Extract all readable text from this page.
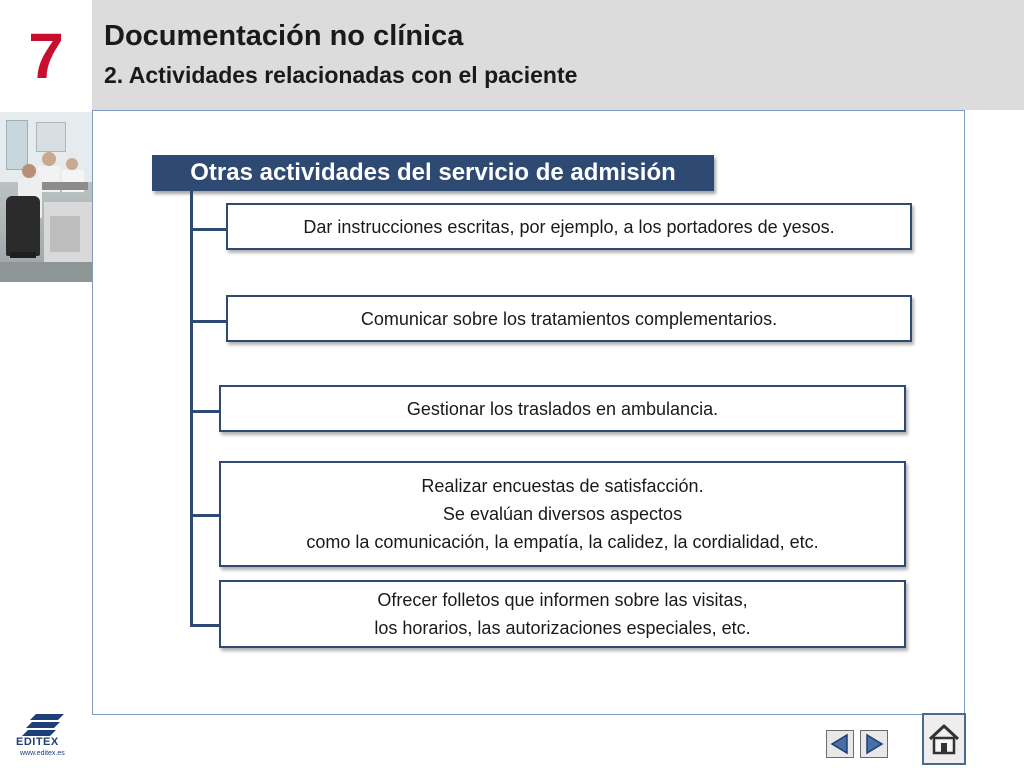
7	Documentación no clínica
2. Actividades relacionadas con el paciente
Otras actividades del servicio de admisión
Dar instrucciones escritas, por ejemplo, a los portadores de yesos.
Comunicar sobre los tratamientos complementarios.
Gestionar los traslados en ambulancia.
Realizar encuestas de satisfacción.
Se evalúan diversos aspectos
como la comunicación, la empatía, la calidez, la cordialidad, etc.
Ofrecer folletos que informen sobre las visitas,
los horarios, las autorizaciones especiales, etc.
EDITEX
www.editex.es
